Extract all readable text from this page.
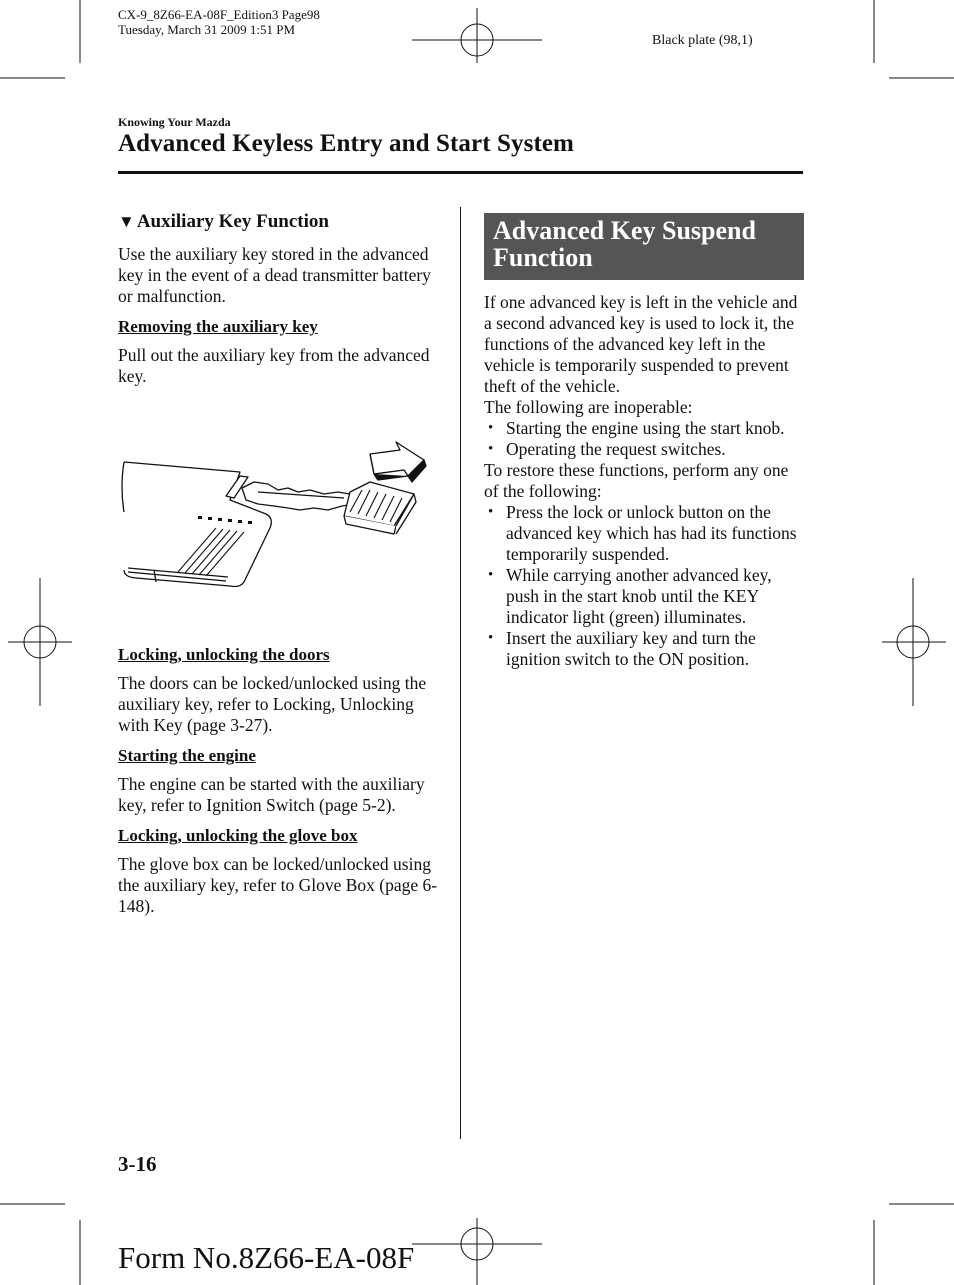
CX-9_8Z66-EA-08F_Edition3 Page98
Tuesday, March 31 2009 1:51 PM
Black plate (98,1)
Knowing Your Mazda
Advanced Keyless Entry and Start System
▼ Auxiliary Key Function

Use the auxiliary key stored in the advanced key in the event of a dead transmitter battery or malfunction.

Removing the auxiliary key

Pull out the auxiliary key from the advanced key.

Locking, unlocking the doors

The doors can be locked/unlocked using the auxiliary key, refer to Locking, Unlocking with Key (page 3-27).

Starting the engine

The engine can be started with the auxiliary key, refer to Ignition Switch (page 5-2).

Locking, unlocking the glove box

The glove box can be locked/unlocked using the auxiliary key, refer to Glove Box (page 6-148).

Advanced Key Suspend
Function

If one advanced key is left in the vehicle and a second advanced key is used to lock it, the functions of the advanced key left in the vehicle is temporarily suspended to prevent theft of the vehicle.

The following are inoperable:

• Starting the engine using the start knob.
• Operating the request switches.

To restore these functions, perform any one of the following:

• Press the lock or unlock button on the advanced key which has had its functions temporarily suspended.
• While carrying another advanced key, push in the start knob until the KEY indicator light (green) illuminates.
• Insert the auxiliary key and turn the ignition switch to the ON position.
3-16
Form No.8Z66-EA-08F
